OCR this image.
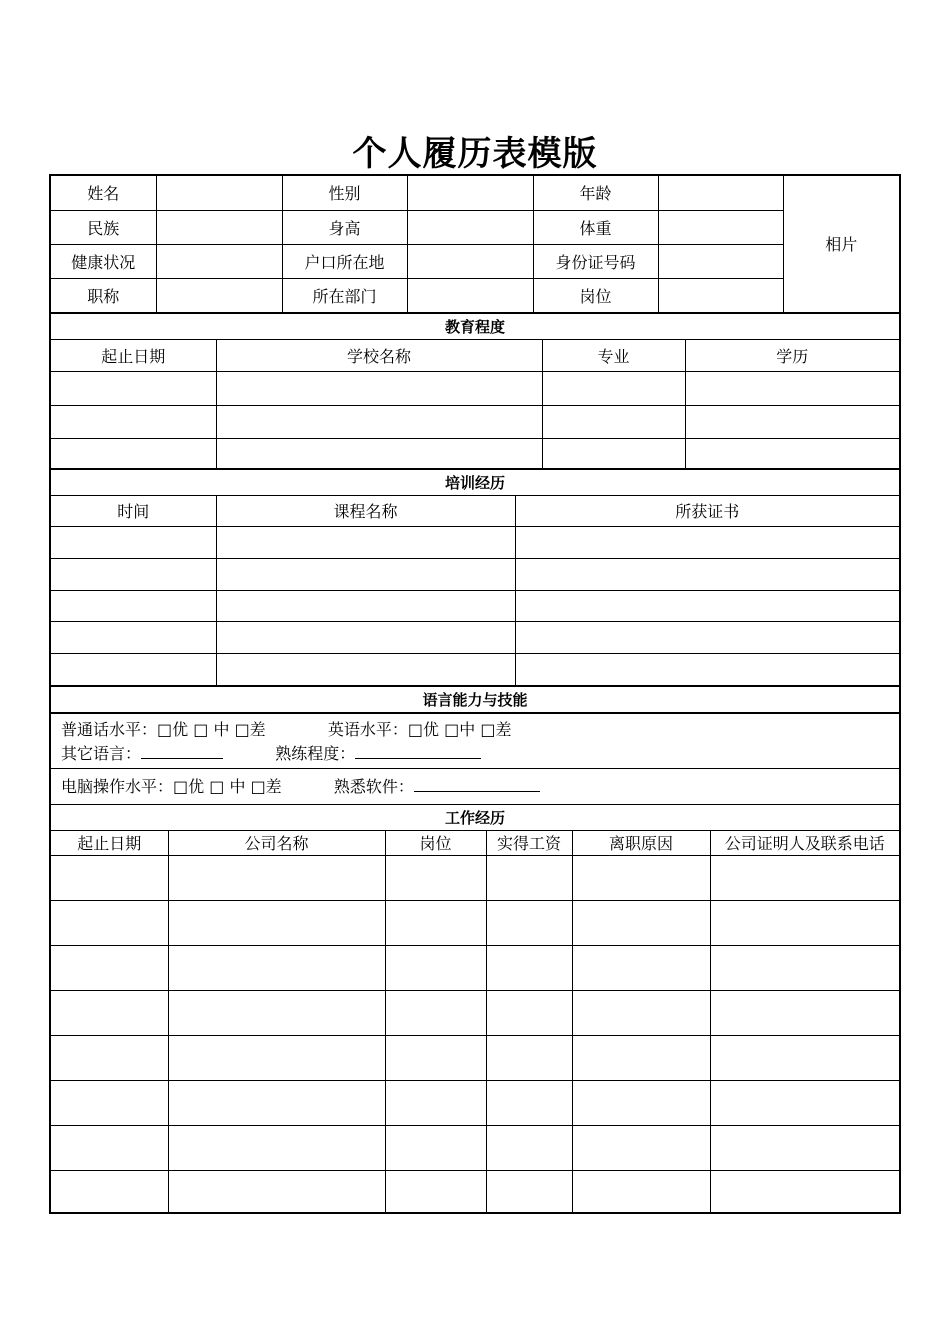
个人履历表模版
姓名		性别		年龄		相片
民族		身高		体重		
健康状况		户口所在地		身份证号码		
职称		所在部门		岗位		
教育程度			
起止日期	学校名称	专业	学历

培训经历		
时间	课程名称	所获证书

语言能力与技能
普通话水平：□优 □ 中 □差	英语水平：□优 □中 □差
其它语言：	熟练程度：
电脑操作水平：□优 □ 中 □差	熟悉软件：
工作经历					
起止日期	公司名称	岗位	实得工资	离职原因	公司证明人及联系电话
